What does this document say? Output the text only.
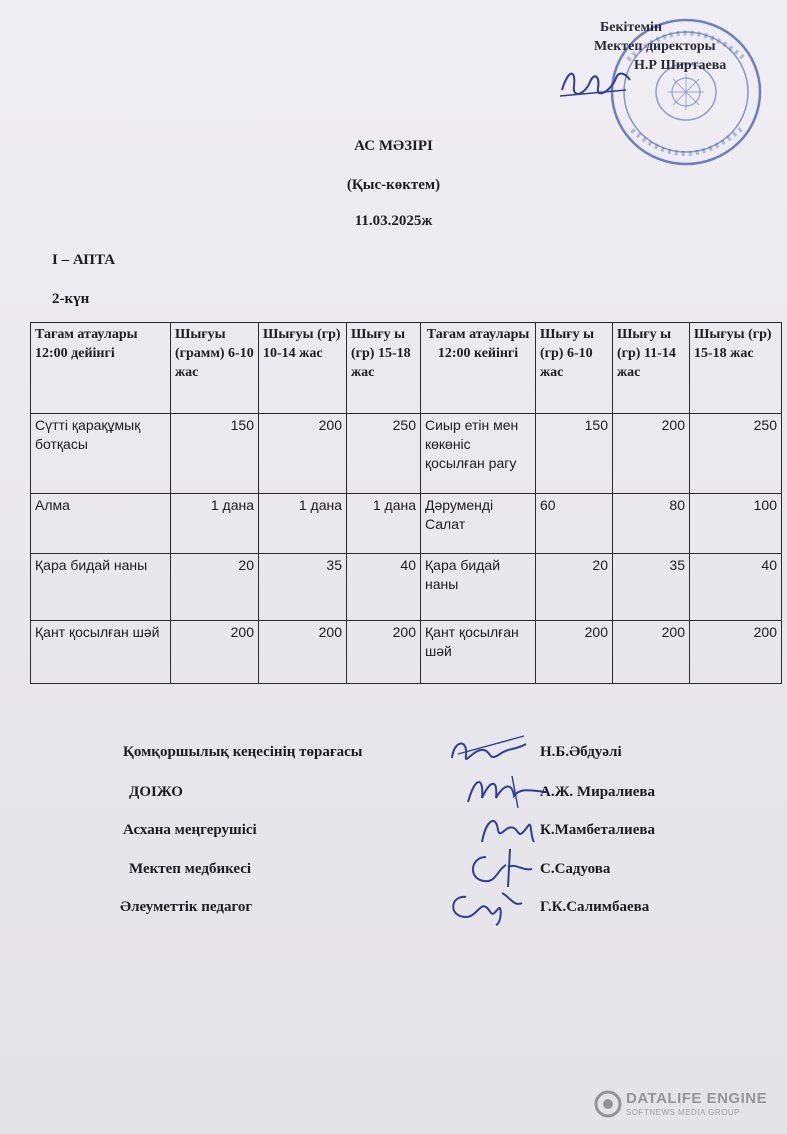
Бекітемін
Мектеп директоры
Н.Р Ширтаева
АС МӘЗІРІ
(Қыс-көктем)
11.03.2025ж
I – АПТА
2-күн
Тағам атаулары 12:00 дейінгі	Шығуы (грамм) 6-10 жас	Шығуы (гр) 10-14 жас	Шығу ы (гр) 15-18 жас	Тағам атаулары 12:00 кейінгі	Шығу ы (гр) 6-10 жас	Шығу ы (гр) 11-14 жас	Шығуы (гр) 15-18 жас
Сүтті қарақұмық ботқасы	150	200	250	Сиыр етін мен көкөніс қосылған рагу	150	200	250
Алма	1 дана	1 дана	1 дана	Дәруменді Салат	60	80	100
Қара бидай наны	20	35	40	Қара бидай наны	20	35	40
Қант қосылған шәй	200	200	200	Қант қосылған шәй	200	200	200
Қомқоршылық кеңесінің төрағасы	Н.Б.Әбдуәлі
ДОІЖО	А.Ж. Миралиева
Асхана меңгерушісі	К.Мамбеталиева
Мектеп медбикесі	С.Садуова
Әлеуметтік педагог	Г.К.Салимбаева
DATALIFE ENGINE
SOFTNEWS MEDIA GROUP
